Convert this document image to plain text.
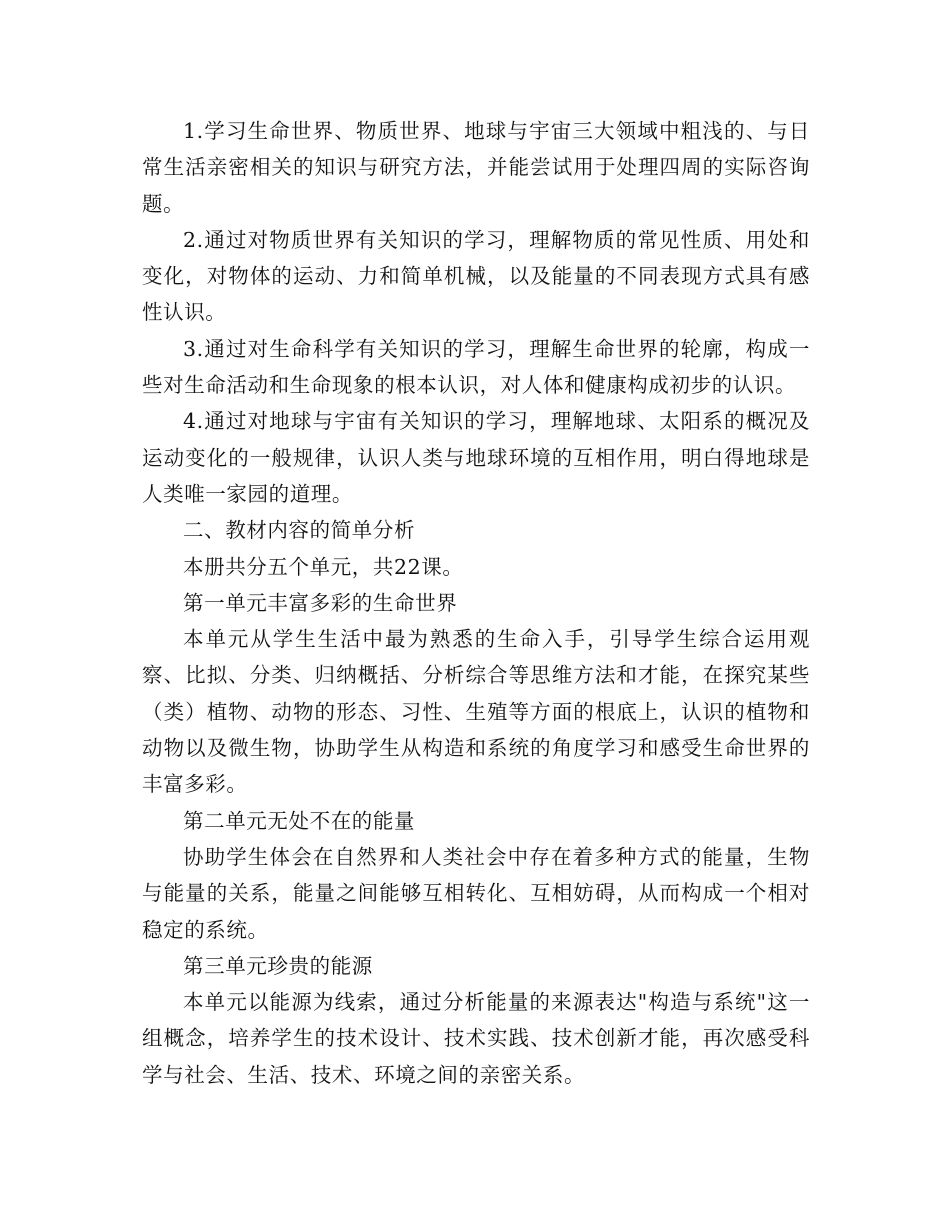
1.学习生命世界、物质世界、地球与宇宙三大领域中粗浅的、与日常生活亲密相关的知识与研究方法，并能尝试用于处理四周的实际咨询题。

2.通过对物质世界有关知识的学习，理解物质的常见性质、用处和变化，对物体的运动、力和简单机械，以及能量的不同表现方式具有感性认识。

3.通过对生命科学有关知识的学习，理解生命世界的轮廓，构成一些对生命活动和生命现象的根本认识，对人体和健康构成初步的认识。

4.通过对地球与宇宙有关知识的学习，理解地球、太阳系的概况及运动变化的一般规律，认识人类与地球环境的互相作用，明白得地球是人类唯一家园的道理。

二、教材内容的简单分析

本册共分五个单元，共22课。

第一单元丰富多彩的生命世界

本单元从学生生活中最为熟悉的生命入手，引导学生综合运用观察、比拟、分类、归纳概括、分析综合等思维方法和才能，在探究某些（类）植物、动物的形态、习性、生殖等方面的根底上，认识的植物和动物以及微生物，协助学生从构造和系统的角度学习和感受生命世界的丰富多彩。

第二单元无处不在的能量

协助学生体会在自然界和人类社会中存在着多种方式的能量，生物与能量的关系，能量之间能够互相转化、互相妨碍，从而构成一个相对稳定的系统。

第三单元珍贵的能源

本单元以能源为线索，通过分析能量的来源表达"构造与系统"这一组概念，培养学生的技术设计、技术实践、技术创新才能，再次感受科学与社会、生活、技术、环境之间的亲密关系。
